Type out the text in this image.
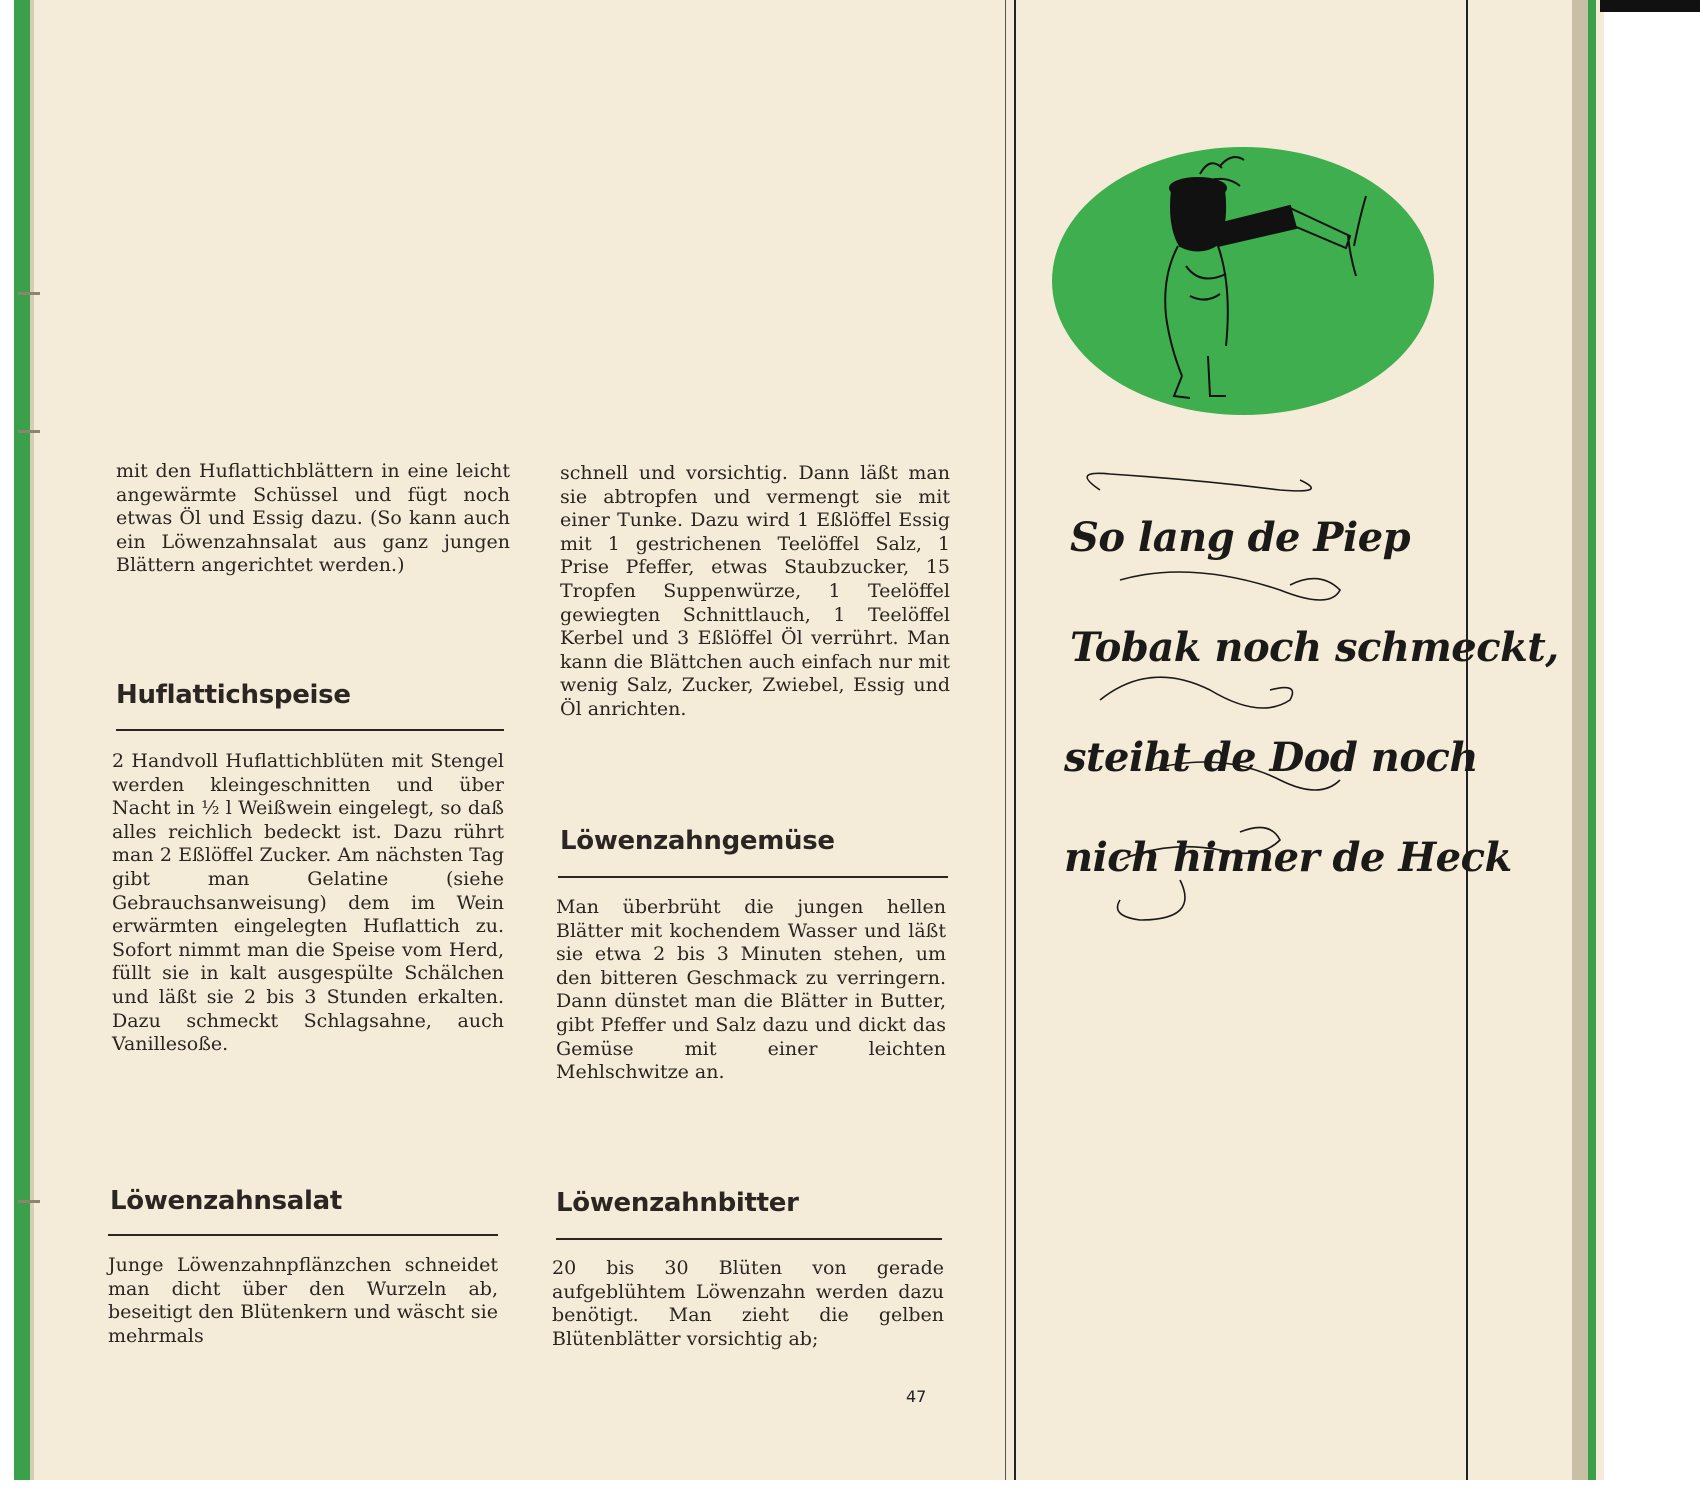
mit den Huflattichblättern in eine leicht angewärmte Schüssel und fügt noch etwas Öl und Essig dazu. (So kann auch ein Löwenzahnsalat aus ganz jungen Blättern angerichtet werden.)

Huflattichspeise

2 Handvoll Huflattichblüten mit Stengel werden kleingeschnitten und über Nacht in ½ l Weißwein eingelegt, so daß alles reichlich bedeckt ist. Dazu rührt man 2 Eßlöffel Zucker. Am nächsten Tag gibt man Gelatine (siehe Gebrauchsanweisung) dem im Wein erwärmten eingelegten Huflattich zu. Sofort nimmt man die Speise vom Herd, füllt sie in kalt ausgespülte Schälchen und läßt sie 2 bis 3 Stunden erkalten. Dazu schmeckt Schlagsahne, auch Vanillesoße.

Löwenzahnsalat

Junge Löwenzahnpflänzchen schneidet man dicht über den Wurzeln ab, beseitigt den Blütenkern und wäscht sie mehrmals

schnell und vorsichtig. Dann läßt man sie abtropfen und vermengt sie mit einer Tunke. Dazu wird 1 Eßlöffel Essig mit 1 gestrichenen Teelöffel Salz, 1 Prise Pfeffer, etwas Staubzucker, 15 Tropfen Suppenwürze, 1 Teelöffel gewiegten Schnittlauch, 1 Teelöffel Kerbel und 3 Eßlöffel Öl verrührt. Man kann die Blättchen auch einfach nur mit wenig Salz, Zucker, Zwiebel, Essig und Öl anrichten.

Löwenzahngemüse

Man überbrüht die jungen hellen Blätter mit kochendem Wasser und läßt sie etwa 2 bis 3 Minuten stehen, um den bitteren Geschmack zu verringern. Dann dünstet man die Blätter in Butter, gibt Pfeffer und Salz dazu und dickt das Gemüse mit einer leichten Mehlschwitze an.

Löwenzahnbitter

20 bis 30 Blüten von gerade aufgeblühtem Löwenzahn werden dazu benötigt. Man zieht die gelben Blütenblätter vorsichtig ab;

47
So lang de Piep
Tobak noch schmeckt,
steiht de Dod noch
nich hinner de Heck
